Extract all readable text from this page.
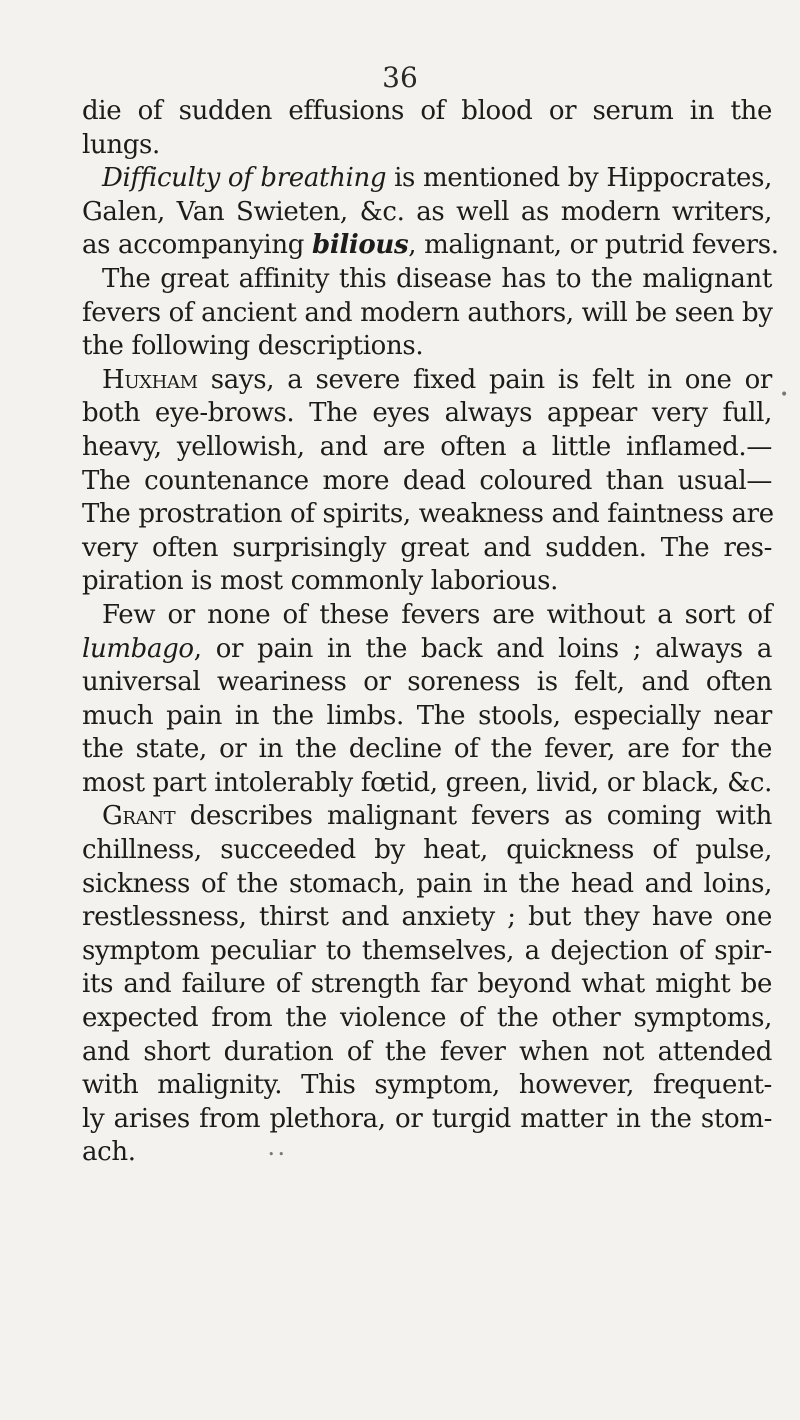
36
die of sudden effusions of blood or serum in the
lungs.
Difficulty of breathing is mentioned by Hippocrates,
Galen, Van Swieten, &c. as well as modern writers,
as accompanying bilious, malignant, or putrid fevers.
The great affinity this disease has to the malignant
fevers of ancient and modern authors, will be seen by
the following descriptions.
Huxham says, a severe fixed pain is felt in one or
both eye-brows. The eyes always appear very full,
heavy, yellowish, and are often a little inflamed.—
The countenance more dead coloured than usual—
The prostration of spirits, weakness and faintness are
very often surprisingly great and sudden. The res-
piration is most commonly laborious.
Few or none of these fevers are without a sort of
lumbago, or pain in the back and loins ; always a
universal weariness or soreness is felt, and often
much pain in the limbs. The stools, especially near
the state, or in the decline of the fever, are for the
most part intolerably fœtid, green, livid, or black, &c.
Grant describes malignant fevers as coming with
chillness, succeeded by heat, quickness of pulse,
sickness of the stomach, pain in the head and loins,
restlessness, thirst and anxiety ; but they have one
symptom peculiar to themselves, a dejection of spir-
its and failure of strength far beyond what might be
expected from the violence of the other symptoms,
and short duration of the fever when not attended
with malignity. This symptom, however, frequent-
ly arises from plethora, or turgid matter in the stom-
ach.
•
• •
